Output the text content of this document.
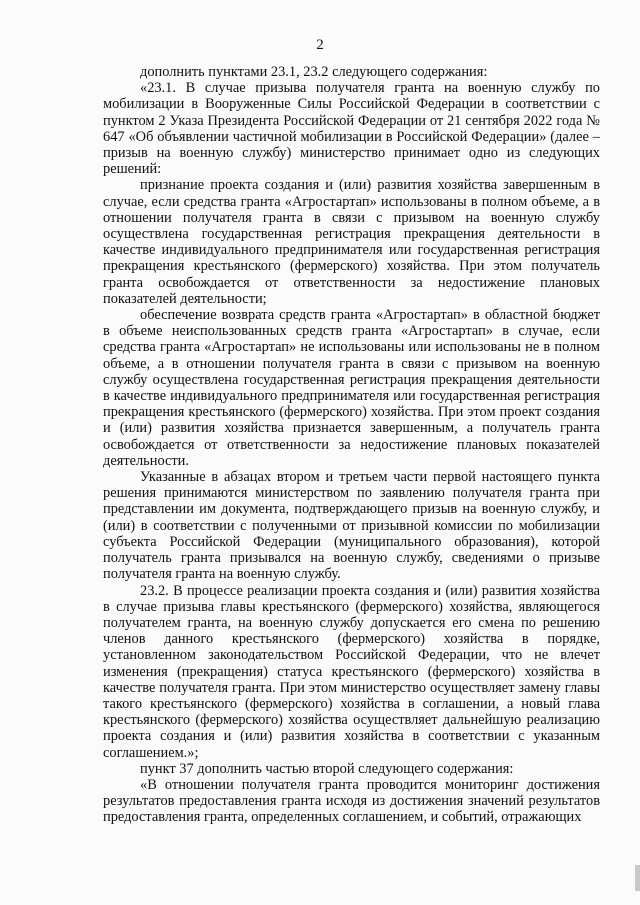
2

дополнить пунктами 23.1, 23.2 следующего содержания:

«23.1. В случае призыва получателя гранта на военную службу по мобилизации в Вооруженные Силы Российской Федерации в соответствии с пунктом 2 Указа Президента Российской Федерации от 21 сентября 2022 года № 647 «Об объявлении частичной мобилизации в Российской Федерации» (далее – призыв на военную службу) министерство принимает одно из следующих решений:

признание проекта создания и (или) развития хозяйства завершенным в случае, если средства гранта «Агростартап» использованы в полном объеме, а в отношении получателя гранта в связи с призывом на военную службу осуществлена государственная регистрация прекращения деятельности в качестве индивидуального предпринимателя или государственная регистрация прекращения крестьянского (фермерского) хозяйства. При этом получатель гранта освобождается от ответственности за недостижение плановых показателей деятельности;

обеспечение возврата средств гранта «Агростартап» в областной бюджет в объеме неиспользованных средств гранта «Агростартап» в случае, если средства гранта «Агростартап» не использованы или использованы не в полном объеме, а в отношении получателя гранта в связи с призывом на военную службу осуществлена государственная регистрация прекращения деятельности в качестве индивидуального предпринимателя или государственная регистрация прекращения крестьянского (фермерского) хозяйства. При этом проект создания и (или) развития хозяйства признается завершенным, а получатель гранта освобождается от ответственности за недостижение плановых показателей деятельности.

Указанные в абзацах втором и третьем части первой настоящего пункта решения принимаются министерством по заявлению получателя гранта при представлении им документа, подтверждающего призыв на военную службу, и (или) в соответствии с полученными от призывной комиссии по мобилизации субъекта Российской Федерации (муниципального образования), которой получатель гранта призывался на военную службу, сведениями о призыве получателя гранта на военную службу.

23.2. В процессе реализации проекта создания и (или) развития хозяйства в случае призыва главы крестьянского (фермерского) хозяйства, являющегося получателем гранта, на военную службу допускается его смена по решению членов данного крестьянского (фермерского) хозяйства в порядке, установленном законодательством Российской Федерации, что не влечет изменения (прекращения) статуса крестьянского (фермерского) хозяйства в качестве получателя гранта. При этом министерство осуществляет замену главы такого крестьянского (фермерского) хозяйства в соглашении, а новый глава крестьянского (фермерского) хозяйства осуществляет дальнейшую реализацию проекта создания и (или) развития хозяйства в соответствии с указанным соглашением.»;

пункт 37 дополнить частью второй следующего содержания:

«В отношении получателя гранта проводится мониторинг достижения результатов предоставления гранта исходя из достижения значений результатов предоставления гранта, определенных соглашением, и событий, отражающих
